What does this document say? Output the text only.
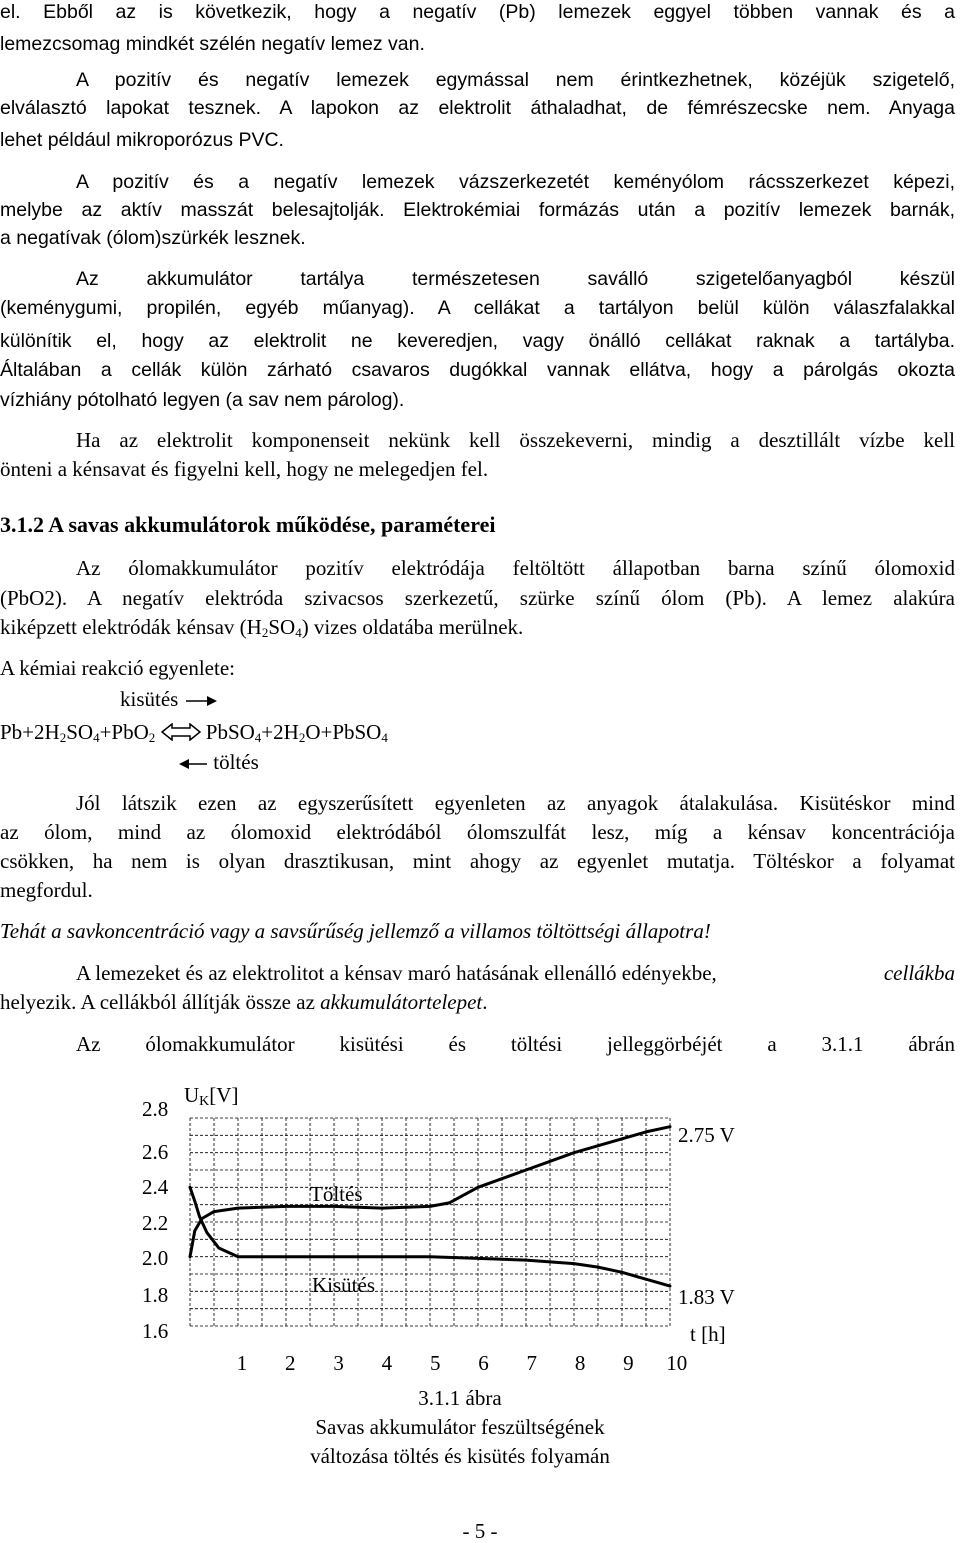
el. Ebből az is következik, hogy a negatív (Pb) lemezek eggyel többen vannak és a
lemezcsomag mindkét szélén negatív lemez van.
A pozitív és negatív lemezek egymással nem érintkezhetnek, közéjük szigetelő,
elválasztó lapokat tesznek. A lapokon az elektrolit áthaladhat, de fémrészecske nem. Anyaga
lehet például mikroporózus PVC.
A pozitív és a negatív lemezek vázszerkezetét keményólom rácsszerkezet képezi,
melybe az aktív masszát belesajtolják. Elektrokémiai formázás után a pozitív lemezek barnák,
a negatívak (ólom)szürkék lesznek.
Az akkumulátor tartálya természetesen saválló szigetelőanyagból készül
(keménygumi, propilén, egyéb műanyag). A cellákat a tartályon belül külön válaszfalakkal
különítik el, hogy az elektrolit ne keveredjen, vagy önálló cellákat raknak a tartályba.
Általában a cellák külön zárható csavaros dugókkal vannak ellátva, hogy a párolgás okozta
vízhiány pótolható legyen (a sav nem párolog).
Ha az elektrolit komponenseit nekünk kell összekeverni, mindig a desztillált vízbe kell
önteni a kénsavat és figyelni kell, hogy ne melegedjen fel.
3.1.2 A savas akkumulátorok működése, paraméterei
Az ólomakkumulátor pozitív elektródája feltöltött állapotban barna színű ólomoxid
(PbO2). A negatív elektróda szivacsos szerkezetű, szürke színű ólom (Pb). A lemez alakúra
kiképzett elektródák kénsav $(H_2SO_4)$ vizes oldatába merülnek.
A kémiai reakció egyenlete:
kisütés
$Pb+2H_2SO_4+PbO_2$ $PbSO_4+2H_2O+PbSO_4$
töltés
Jól látszik ezen az egyszerűsített egyenleten az anyagok átalakulása. Kisütéskor mind
az ólom, mind az ólomoxid elektródából ólomszulfát lesz, míg a kénsav koncentrációja
csökken, ha nem is olyan drasztikusan, mint ahogy az egyenlet mutatja. Töltéskor a folyamat
megfordul.
Tehát a savkoncentráció vagy a savsűrűség jellemző a villamos töltöttségi állapotra!
A lemezeket és az elektrolitot a kénsav maró hatásának ellenálló edényekbe,	cellákba
helyezik. A cellákból állítják össze az akkumulátortelepet.
Az ólomakkumulátor kisütési és töltési jelleggörbéjét a 3.1.1 ábrán
2.8
2.6
2.4
2.2
2.0
1.8
1.6
1 2 3 4 5 6 7 8 9 10
UK[V]
t [h]
Töltés
Kisütés
2.75 V
1.83 V
3.1.1 ábra
Savas akkumulátor feszültségének
változása töltés és kisütés folyamán
- 5 -
